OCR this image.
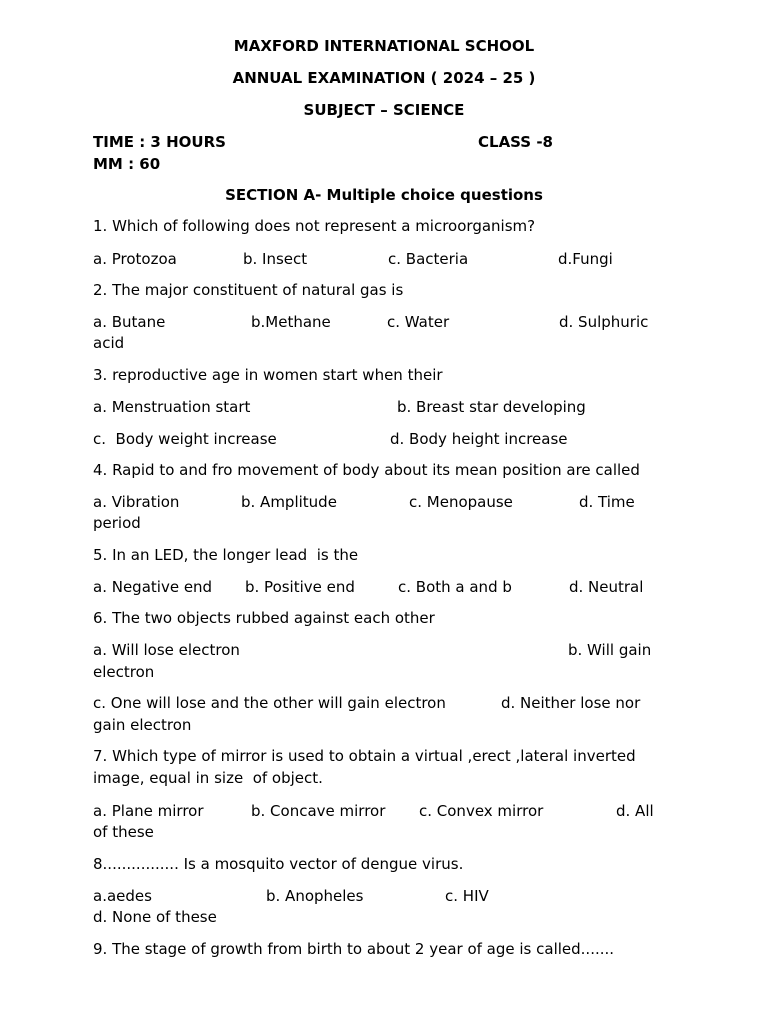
MAXFORD INTERNATIONAL SCHOOL
ANNUAL EXAMINATION ( 2024 – 25 )
SUBJECT – SCIENCE
TIME : 3 HOURS	CLASS -8
MM : 60
SECTION A- Multiple choice questions
1. Which of following does not represent a microorganism?
a. Protozoa	b. Insect	c. Bacteria	d.Fungi
2. The major constituent of natural gas is
a. Butane	b.Methane	c. Water	d. Sulphuric
acid
3. reproductive age in women start when their
a. Menstruation start	b. Breast star developing
c.  Body weight increase	d. Body height increase
4. Rapid to and fro movement of body about its mean position are called
a. Vibration	b. Amplitude	c. Menopause	d. Time
period
5. In an LED, the longer lead  is the
a. Negative end b. Positive end	c. Both a and b	d. Neutral
6. The two objects rubbed against each other
a. Will lose electron	b. Will gain
electron
c. One will lose and the other will gain electron	d. Neither lose nor
gain electron
7. Which type of mirror is used to obtain a virtual ,erect ,lateral inverted
image, equal in size  of object.
a. Plane mirror	b. Concave mirror c. Convex mirror	d. All
of these
8................ Is a mosquito vector of dengue virus.
a.aedes	b. Anopheles	c. HIV
d. None of these
9. The stage of growth from birth to about 2 year of age is called.......
